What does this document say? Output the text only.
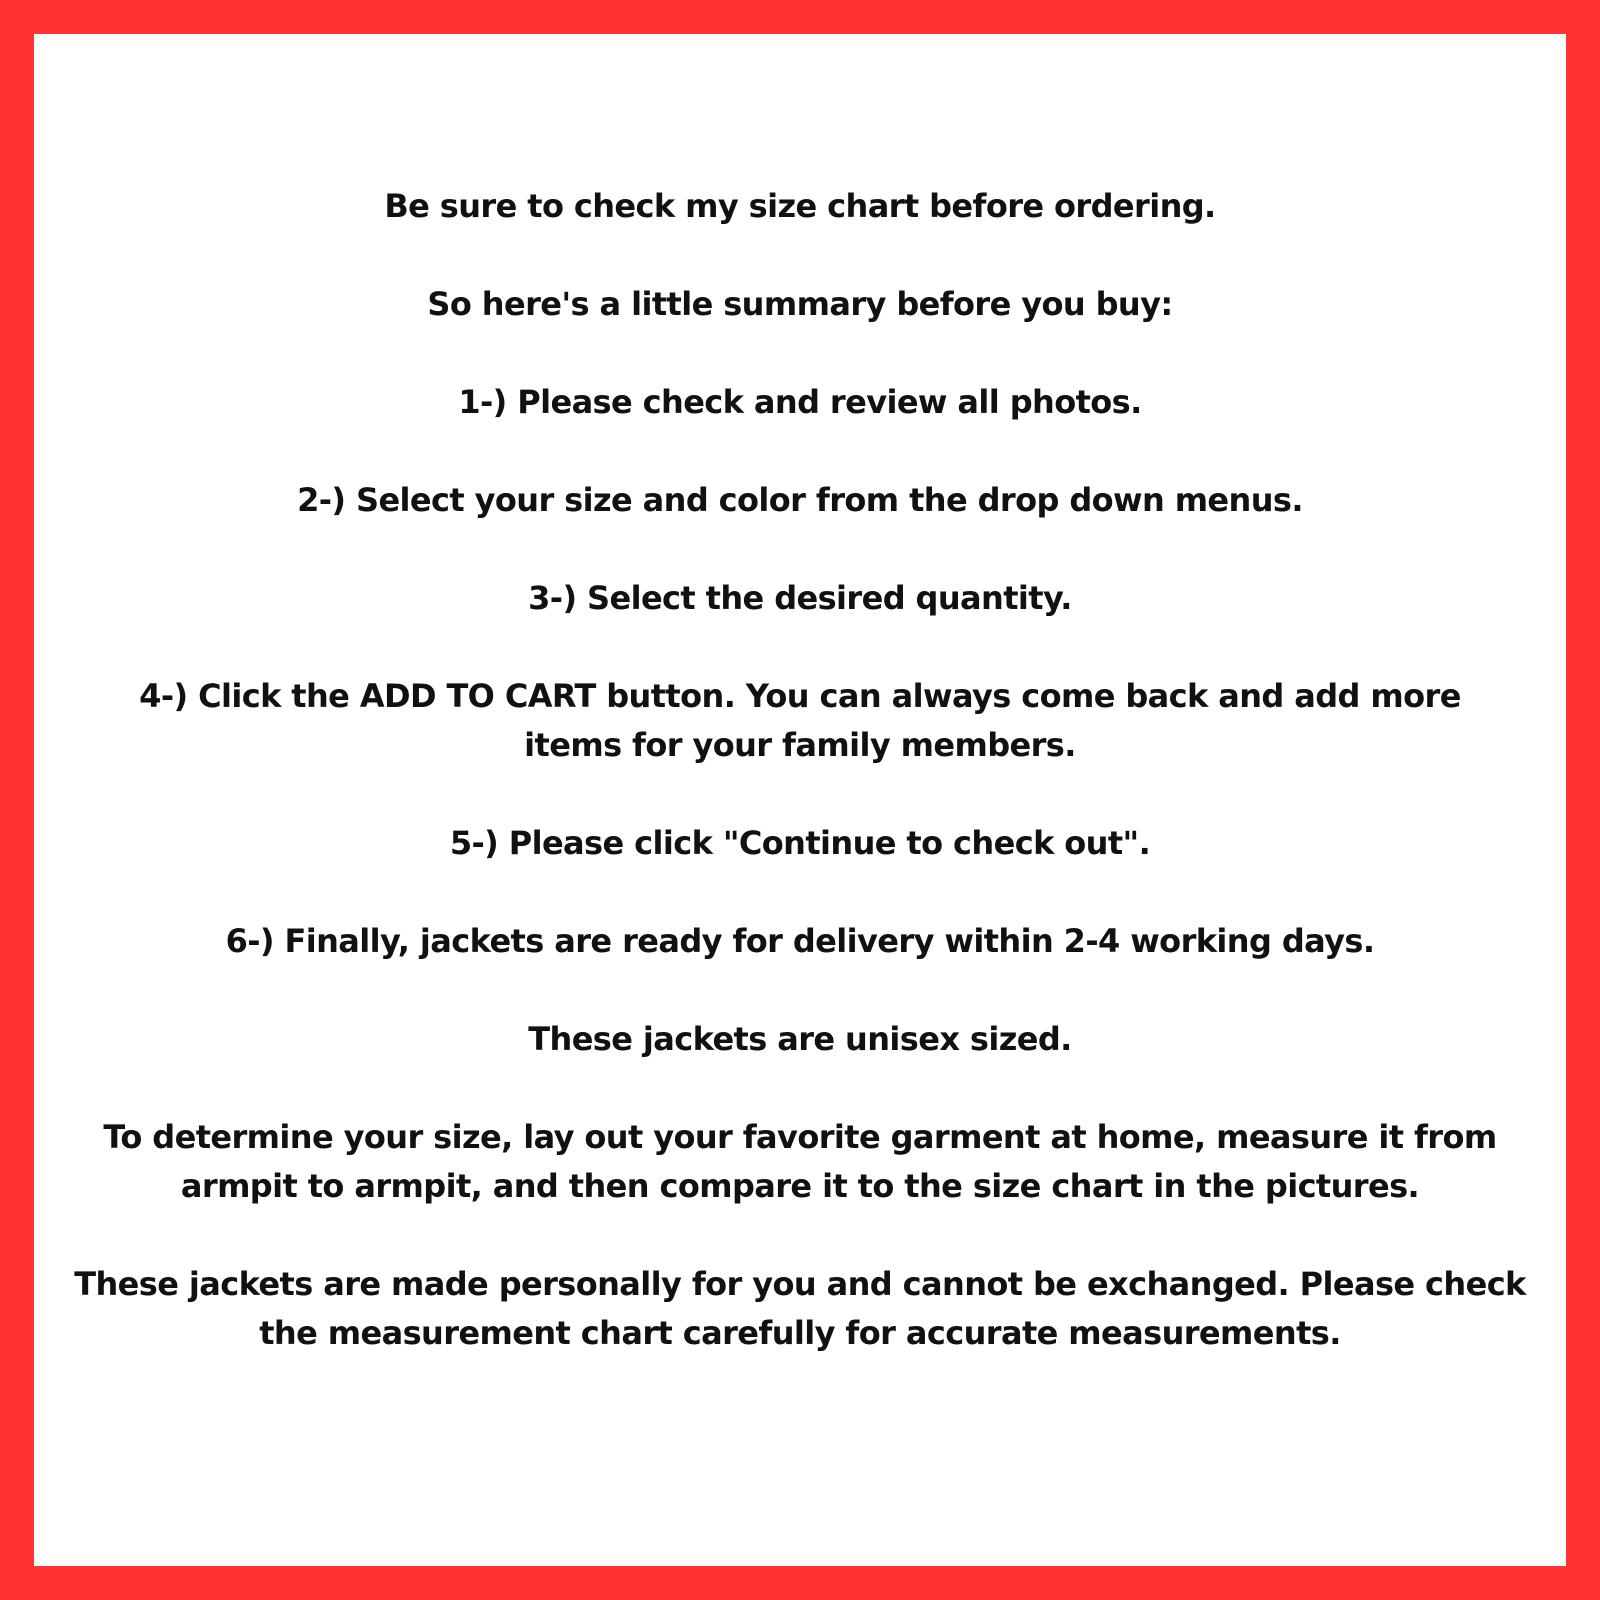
Be sure to check my size chart before ordering.

So here's a little summary before you buy:

1-) Please check and review all photos.

2-) Select your size and color from the drop down menus.

3-) Select the desired quantity.

4-) Click the ADD TO CART button. You can always come back and add more items for your family members.

5-) Please click "Continue to check out".

6-) Finally, jackets are ready for delivery within 2-4 working days.

These jackets are unisex sized.

To determine your size, lay out your favorite garment at home, measure it from armpit to armpit, and then compare it to the size chart in the pictures.

These jackets are made personally for you and cannot be exchanged. Please check the measurement chart carefully for accurate measurements.
